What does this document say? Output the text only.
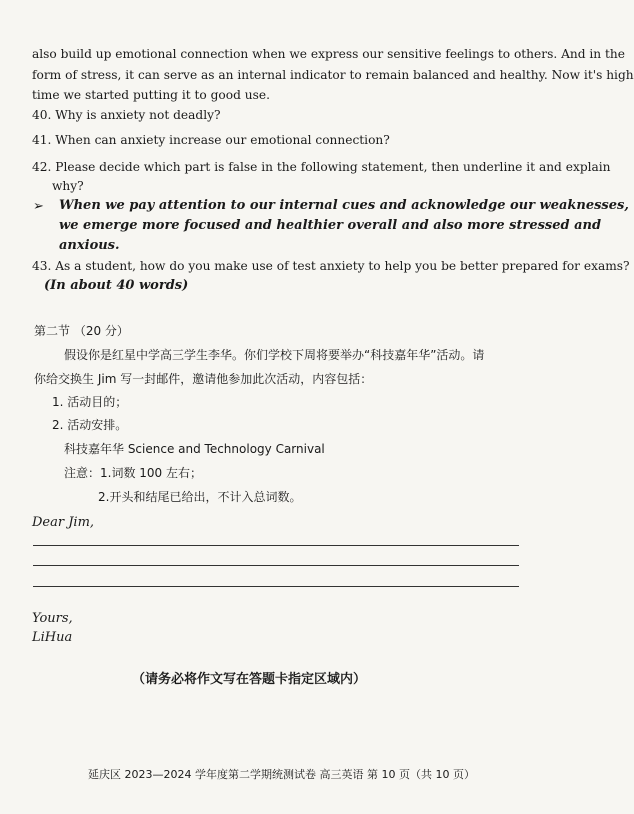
also build up emotional connection when we express our sensitive feelings to others. And in the
form of stress, it can serve as an internal indicator to remain balanced and healthy. Now it's high
time we started putting it to good use.
40. Why is anxiety not deadly?
41. When can anxiety increase our emotional connection?
42. Please decide which part is false in the following statement, then underline it and explain
why?
➢ When we pay attention to our internal cues and acknowledge our weaknesses,
we emerge more focused and healthier overall and also more stressed and
anxious.
43. As a student, how do you make use of test anxiety to help you be better prepared for exams?
(In about 40 words)
第二节 （20 分）
假设你是红星中学高三学生李华。你们学校下周将要举办“科技嘉年华”活动。请
你给交换生 Jim 写一封邮件，邀请他参加此次活动，内容包括：
1. 活动目的；
2. 活动安排。
科技嘉年华 Science and Technology Carnival
注意：1.词数 100 左右；
2.开头和结尾已给出，不计入总词数。
Dear Jim,
Yours,
LiHua
（请务必将作文写在答题卡指定区域内）
延庆区 2023—2024 学年度第二学期统测试卷 高三英语 第 10 页（共 10 页）
